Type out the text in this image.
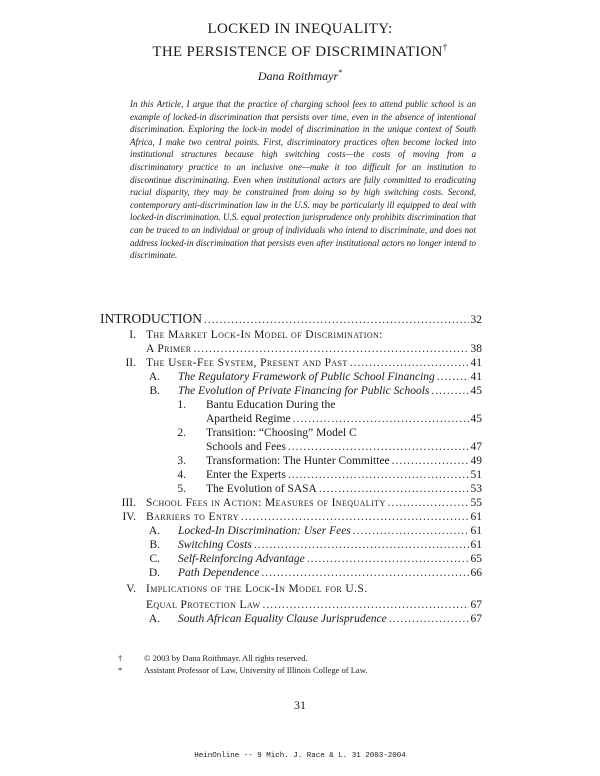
LOCKED IN INEQUALITY:
THE PERSISTENCE OF DISCRIMINATION†
Danа Roithmayr*
In this Article, I argue that the practice of charging school fees to attend public school is an example of locked-in discrimination that persists over time, even in the absence of intentional discrimination. Exploring the lock-in model of discrimination in the unique context of South Africa, I make two central points. First, discriminatory practices often become locked into institutional structures because high switching costs—the costs of moving from a discriminatory practice to an inclusive one—make it too difficult for an institution to discontinue discriminating. Even when institutional actors are fully committed to eradicating racial disparity, they may be constrained from doing so by high switching costs. Second, contemporary anti-discrimination law in the U.S. may be particularly ill equipped to deal with locked-in discrimination. U.S. equal protection jurisprudence only prohibits discrimination that can be traced to an individual or group of individuals who intend to discriminate, and does not address locked-in discrimination that persists even after institutional actors no longer intend to discriminate.
INTRODUCTION .....	32
I. The Market Lock-In Model of Discrimination:
A Primer .....	38
II. The User-Fee System, Present and Past .....	41
A. The Regulatory Framework of Public School Financing .....	41
B. The Evolution of Private Financing for Public Schools .....	45
1. Bantu Education During the
Apartheid Regime .....	45
2. Transition: “Choosing” Model C
Schools and Fees .....	47
3. Transformation: The Hunter Committee .....	49
4. Enter the Experts .....	51
5. The Evolution of SASA .....	53
III. School Fees in Action: Measures of Inequality .....	55
IV. Barriers to Entry .....	61
A. Locked-In Discrimination: User Fees .....	61
B. Switching Costs .....	61
C. Self-Reinforcing Advantage .....	65
D. Path Dependence .....	66
V. Implications of the Lock-In Model for U.S.
Equal Protection Law .....	67
A. South African Equality Clause Jurisprudence .....	67
†	© 2003 by Dana Roithmayr. All rights reserved.
*	Assistant Professor of Law, University of Illinois College of Law.
31
HeinOnline -- 9 Mich. J. Race & L. 31 2003-2004
